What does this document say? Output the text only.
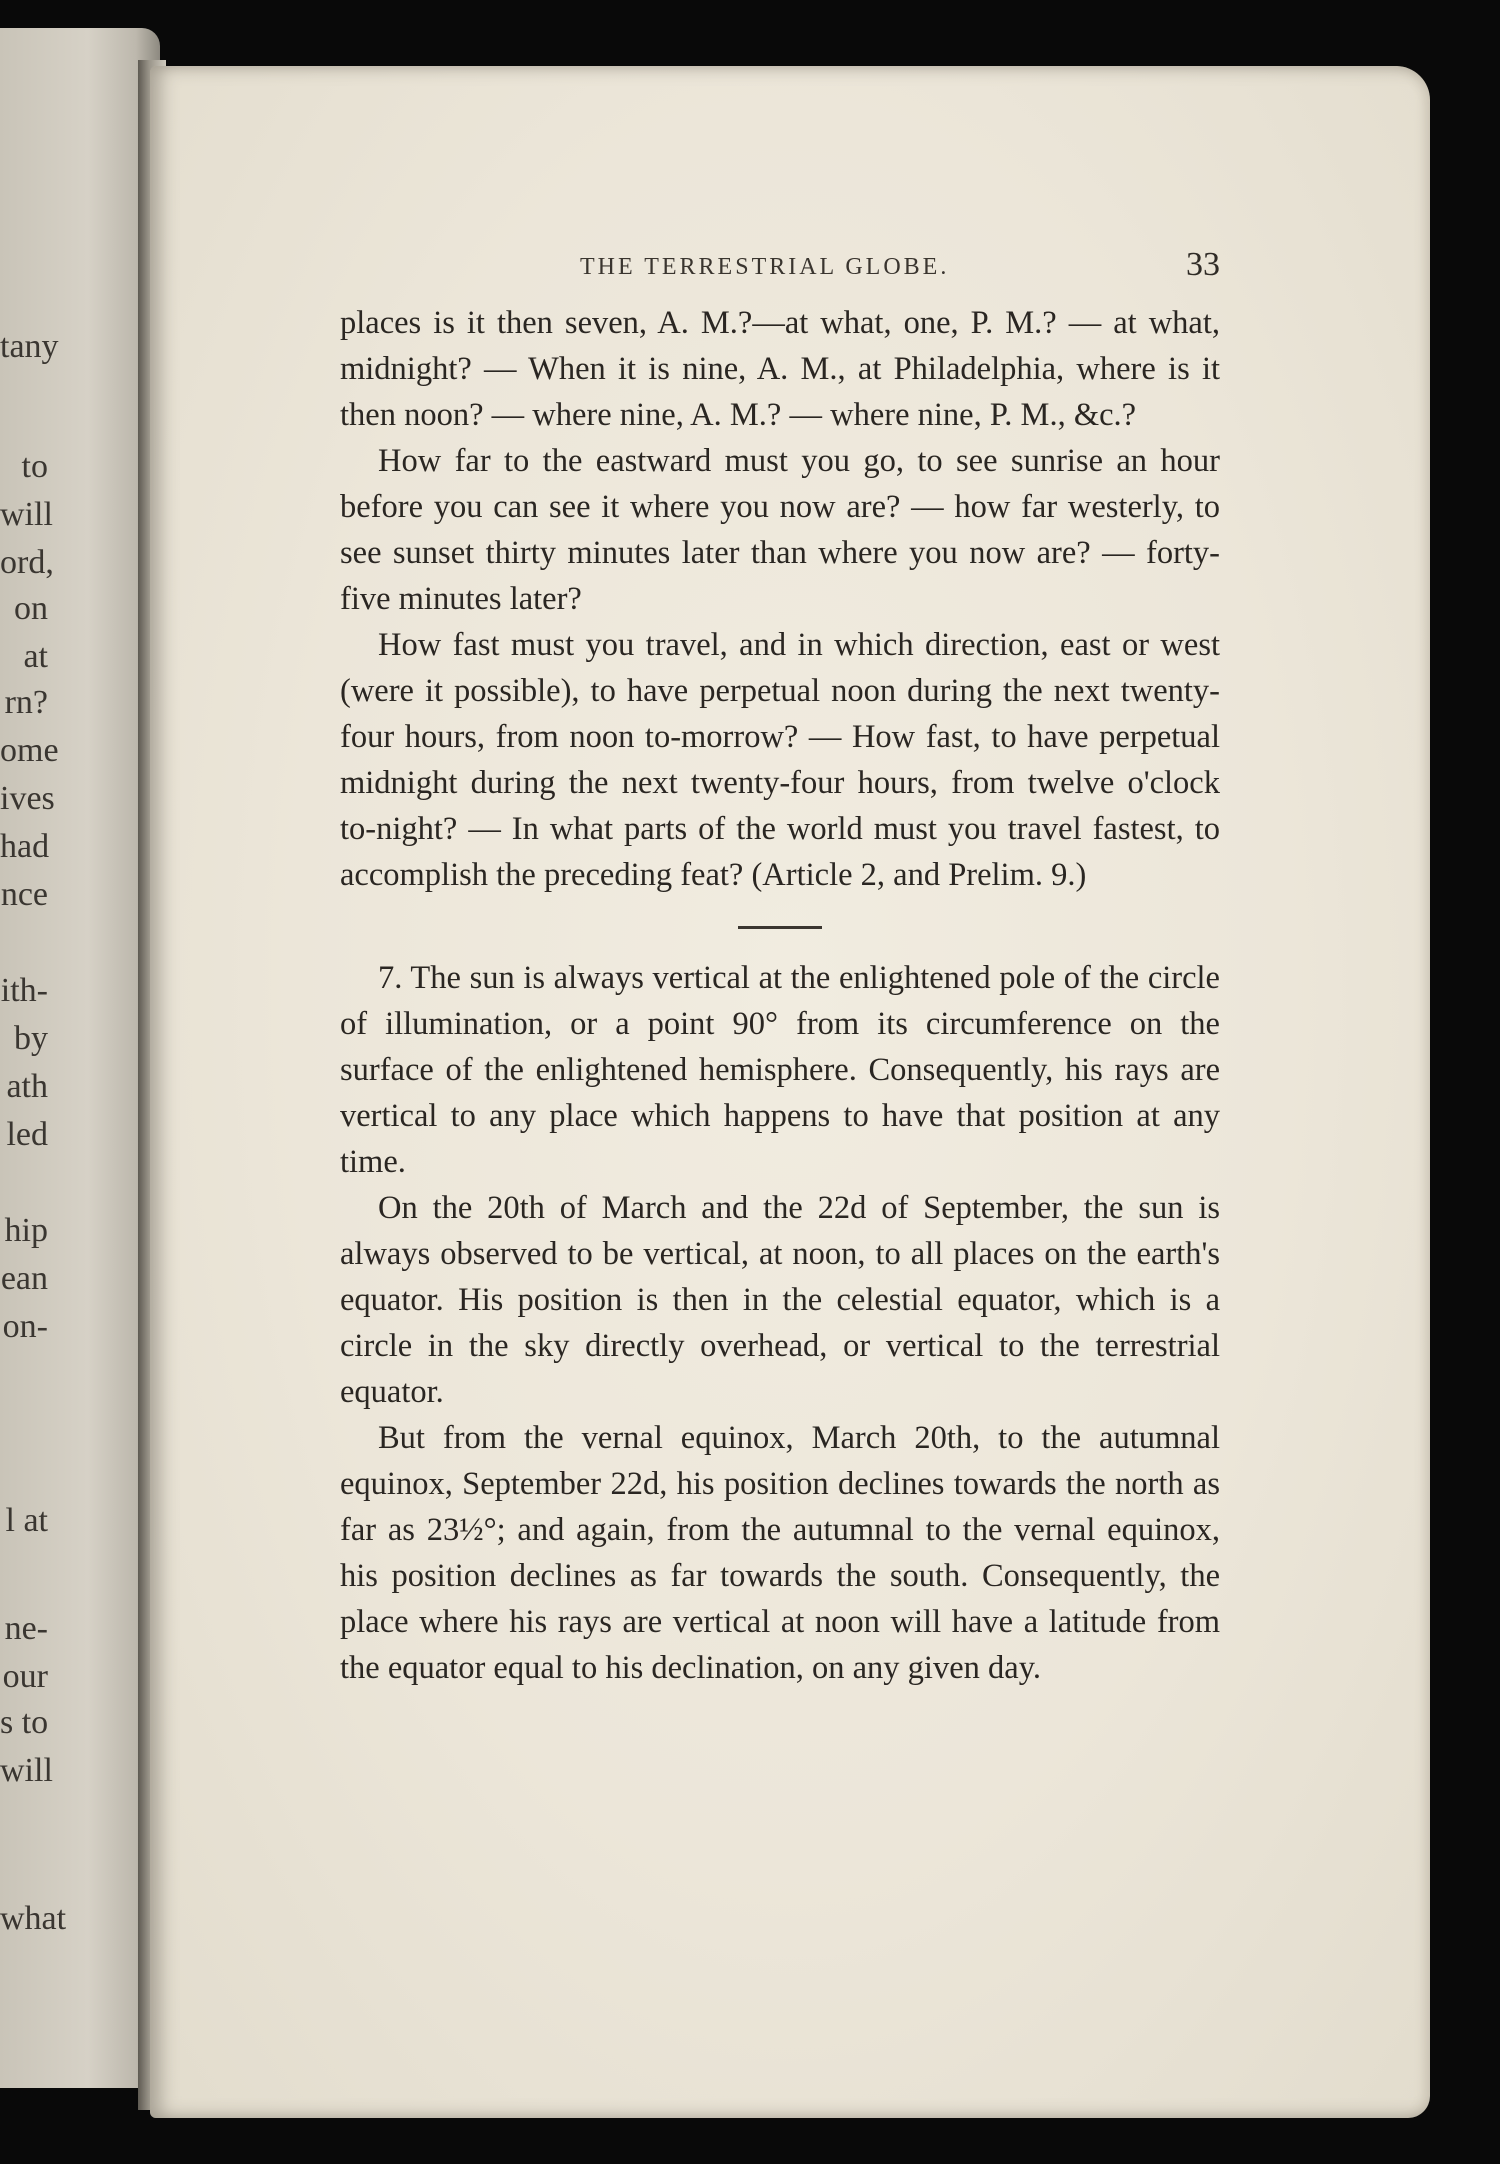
tany
to
will
ord,
on
at
rn?
ome
ives
had
nce
ith-
by
ath
led
hip
ean
on-
l at
ne-
our
s to
will
what
THE TERRESTRIAL GLOBE.	33

places is it then seven, A. M.?—at what, one, P. M.? — at what, midnight? — When it is nine, A. M., at Philadelphia, where is it then noon? — where nine, A. M.? — where nine, P. M., &c.?

How far to the eastward must you go, to see sunrise an hour before you can see it where you now are? — how far westerly, to see sunset thirty minutes later than where you now are? — forty-five minutes later?

How fast must you travel, and in which direction, east or west (were it possible), to have perpetual noon during the next twenty-four hours, from noon to-morrow? — How fast, to have perpetual midnight during the next twenty-four hours, from twelve o'clock to-night? — In what parts of the world must you travel fastest, to accomplish the preceding feat? (Article 2, and Prelim. 9.)

7. The sun is always vertical at the enlightened pole of the circle of illumination, or a point 90° from its circumference on the surface of the enlightened hemisphere. Consequently, his rays are vertical to any place which happens to have that position at any time.

On the 20th of March and the 22d of September, the sun is always observed to be vertical, at noon, to all places on the earth's equator. His position is then in the celestial equator, which is a circle in the sky directly overhead, or vertical to the terrestrial equator.

But from the vernal equinox, March 20th, to the autumnal equinox, September 22d, his position declines towards the north as far as 23½°; and again, from the autumnal to the vernal equinox, his position declines as far towards the south. Consequently, the place where his rays are vertical at noon will have a latitude from the equator equal to his declination, on any given day.
